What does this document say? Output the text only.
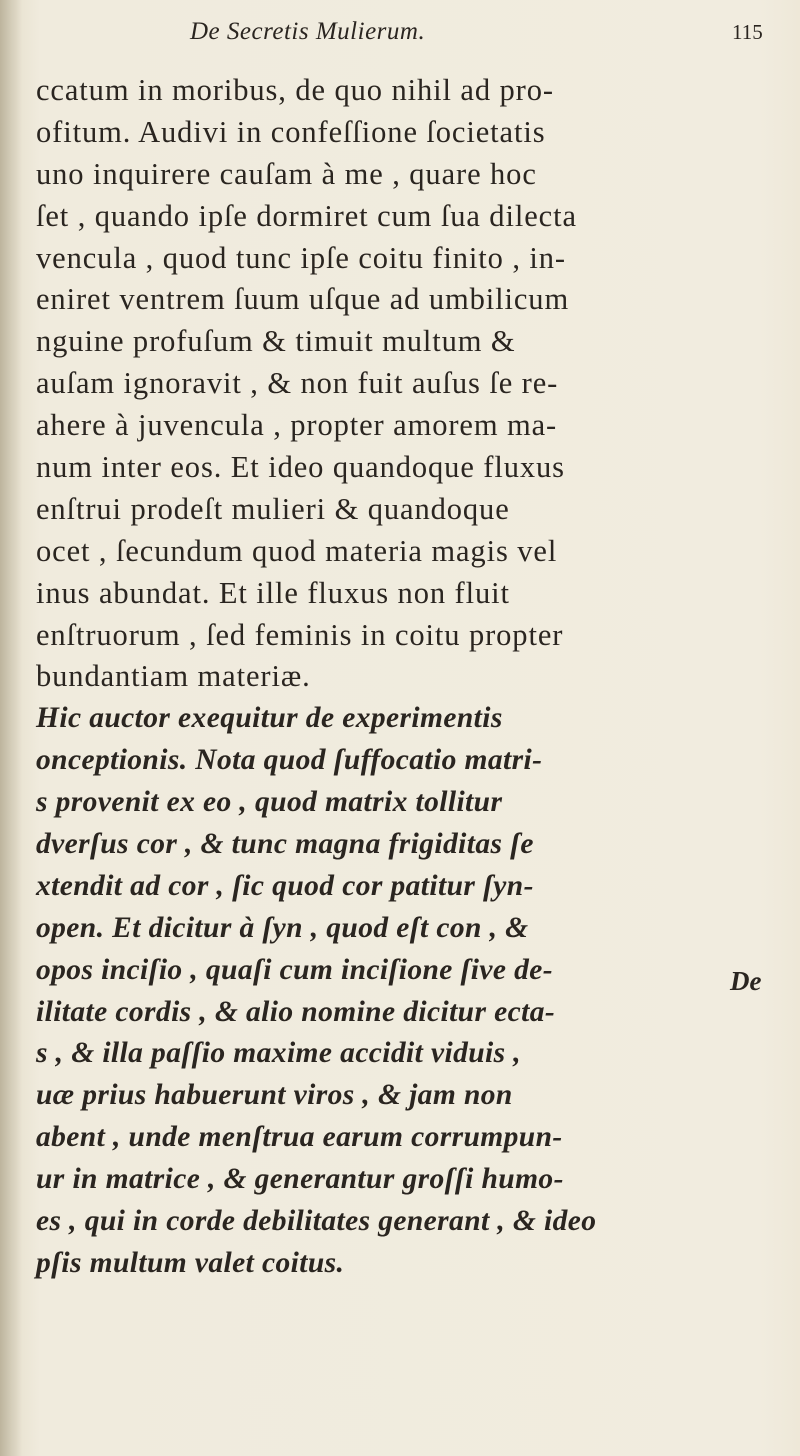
De Secretis Mulierum.	115
ccatum in moribus, de quo nihil ad pro-
ofitum. Audivi in confeſſione ſocietatis
uno inquirere cauſam à me , quare hoc
ſet , quando ipſe dormiret cum ſua dilecta
vencula , quod tunc ipſe coitu finito , in-
eniret ventrem ſuum uſque ad umbilicum
nguine profuſum & timuit multum &
auſam ignoravit , & non fuit auſus ſe re-
ahere à juvencula , propter amorem ma-
num inter eos. Et ideo quandoque fluxus
enſtrui prodeſt mulieri & quandoque
ocet , ſecundum quod materia magis vel
inus abundat. Et ille fluxus non fluit
enſtruorum , ſed feminis in coitu propter
bundantiam materiæ.
Hic auctor exequitur de experimentis
onceptionis. Nota quod ſuffocatio matri-
s provenit ex eo , quod matrix tollitur
dverſus cor , & tunc magna frigiditas ſe
xtendit ad cor , ſic quod cor patitur ſyn-
open. Et dicitur à ſyn , quod eſt con , &
opos inciſio , quaſi cum inciſione ſive de-
ilitate cordis , & alio nomine dicitur ecta-
s , & illa paſſio maxime accidit viduis ,
uæ prius habuerunt viros , & jam non
abent , unde menſtrua earum corrumpun-
ur in matrice , & generantur groſſi humo-
es , qui in corde debilitates generant , & ideo
pſis multum valet coitus.
De
